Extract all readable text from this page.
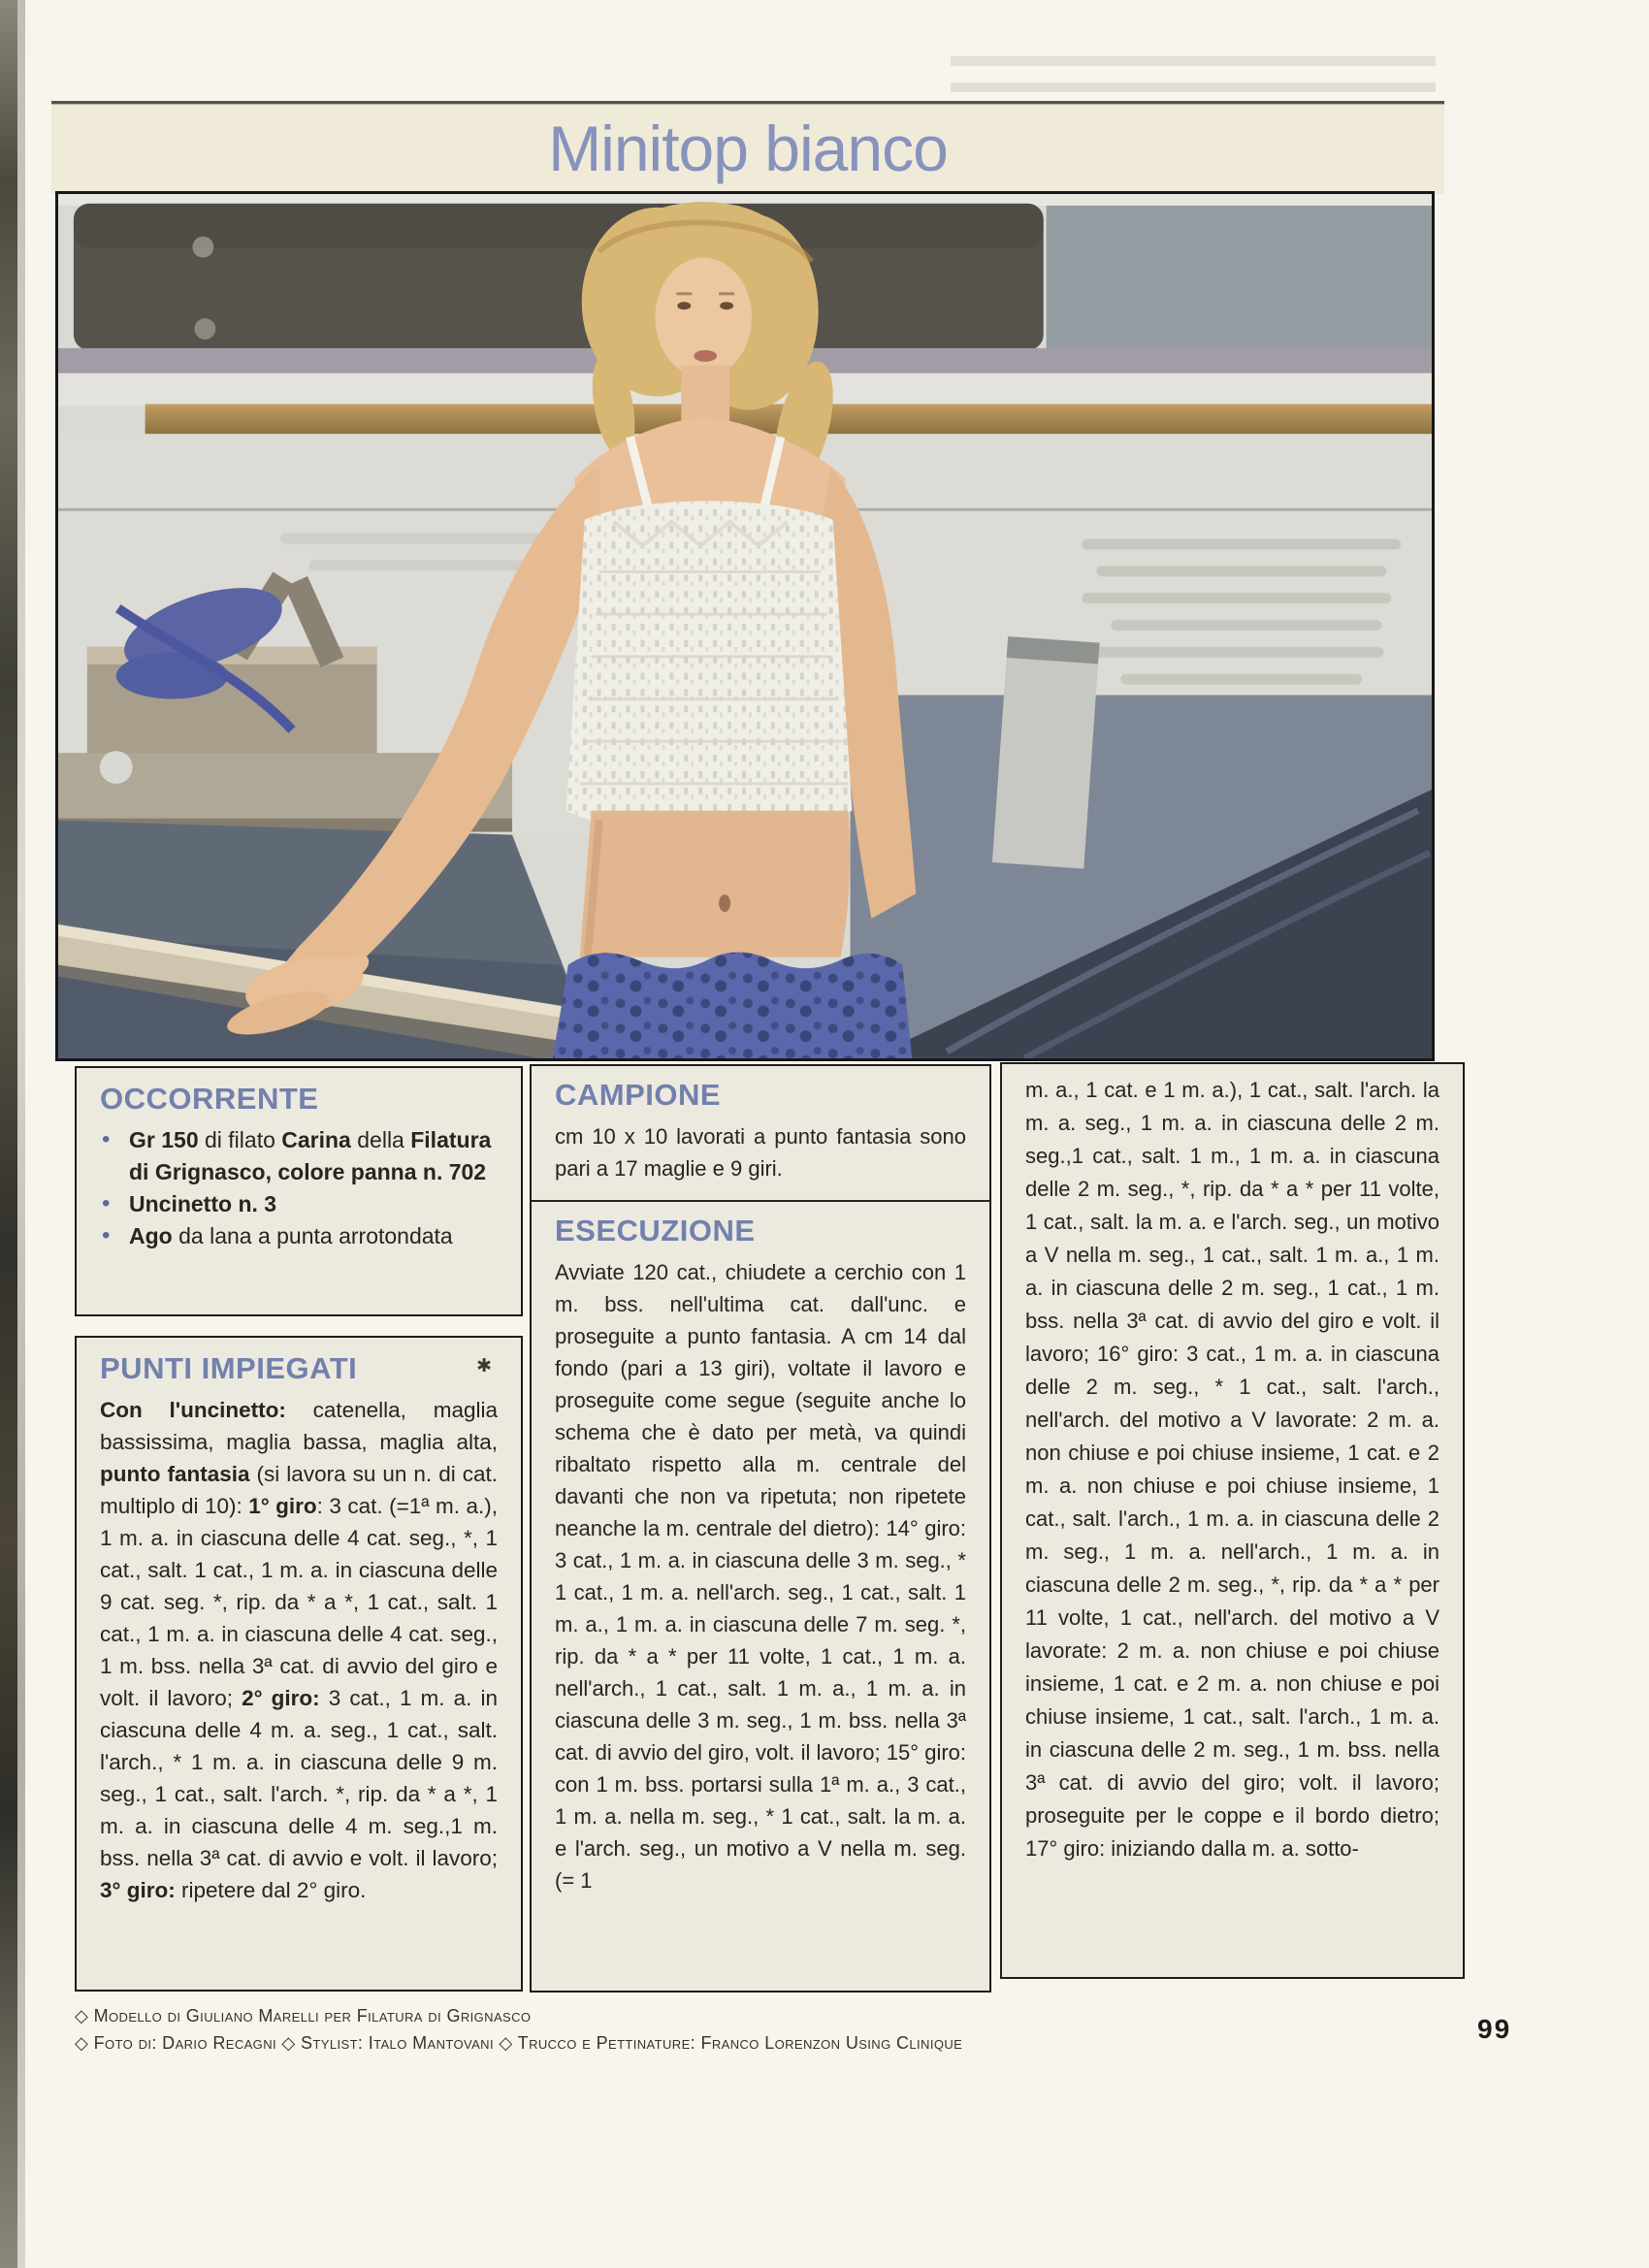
Minitop bianco
OCCORRENTE
• Gr 150 di filato Carina della Filatura di Grignasco, colore panna n. 702
• Uncinetto n. 3
• Ago da lana a punta arrotondata
PUNTI IMPIEGATI	✱

Con l'uncinetto: catenella, maglia bassissima, maglia bassa, maglia alta, punto fantasia (si lavora su un n. di cat. multiplo di 10): 1° giro: 3 cat. (=1ª m. a.), 1 m. a. in ciascuna delle 4 cat. seg., *, 1 cat., salt. 1 cat., 1 m. a. in ciascuna delle 9 cat. seg. *, rip. da * a *, 1 cat., salt. 1 cat., 1 m. a. in ciascuna delle 4 cat. seg., 1 m. bss. nella 3ª cat. di avvio del giro e volt. il lavoro; 2° giro: 3 cat., 1 m. a. in ciascuna delle 4 m. a. seg., 1 cat., salt. l'arch., * 1 m. a. in ciascuna delle 9 m. seg., 1 cat., salt. l'arch. *, rip. da * a *, 1 m. a. in ciascuna delle 4 m. seg.,1 m. bss. nella 3ª cat. di avvio e volt. il lavoro; 3° giro: ripetere dal 2° giro.

CAMPIONE

cm 10 x 10 lavorati a punto fantasia sono pari a 17 maglie e 9 giri.

ESECUZIONE

Avviate 120 cat., chiudete a cerchio con 1 m. bss. nell'ultima cat. dall'unc. e proseguite a punto fantasia. A cm 14 dal fondo (pari a 13 giri), voltate il lavoro e proseguite come segue (seguite anche lo schema che è dato per metà, va quindi ribaltato rispetto alla m. centrale del davanti che non va ripetuta; non ripetete neanche la m. centrale del dietro): 14° giro: 3 cat., 1 m. a. in ciascuna delle 3 m. seg., * 1 cat., 1 m. a. nell'arch. seg., 1 cat., salt. 1 m. a., 1 m. a. in ciascuna delle 7 m. seg. *, rip. da * a * per 11 volte, 1 cat., 1 m. a. nell'arch., 1 cat., salt. 1 m. a., 1 m. a. in ciascuna delle 3 m. seg., 1 m. bss. nella 3ª cat. di avvio del giro, volt. il lavoro; 15° giro: con 1 m. bss. portarsi sulla 1ª m. a., 3 cat., 1 m. a. nella m. seg., * 1 cat., salt. la m. a. e l'arch. seg., un motivo a V nella m. seg. (= 1

m. a., 1 cat. e 1 m. a.), 1 cat., salt. l'arch. la m. a. seg., 1 m. a. in ciascuna delle 2 m. seg.,1 cat., salt. 1 m., 1 m. a. in ciascuna delle 2 m. seg., *, rip. da * a * per 11 volte, 1 cat., salt. la m. a. e l'arch. seg., un motivo a V nella m. seg., 1 cat., salt. 1 m. a., 1 m. a. in ciascuna delle 2 m. seg., 1 cat., 1 m. bss. nella 3ª cat. di avvio del giro e volt. il lavoro; 16° giro: 3 cat., 1 m. a. in ciascuna delle 2 m. seg., * 1 cat., salt. l'arch., nell'arch. del motivo a V lavorate: 2 m. a. non chiuse e poi chiuse insieme, 1 cat. e 2 m. a. non chiuse e poi chiuse insieme, 1 cat., salt. l'arch., 1 m. a. in ciascuna delle 2 m. seg., 1 m. a. nell'arch., 1 m. a. in ciascuna delle 2 m. seg., *, rip. da * a * per 11 volte, 1 cat., nell'arch. del motivo a V lavorate: 2 m. a. non chiuse e poi chiuse insieme, 1 cat. e 2 m. a. non chiuse e poi chiuse insieme, 1 cat., salt. l'arch., 1 m. a. in ciascuna delle 2 m. seg., 1 m. bss. nella 3ª cat. di avvio del giro; volt. il lavoro; proseguite per le coppe e il bordo dietro; 17° giro: iniziando dalla m. a. sotto-

◇ Modello di Giuliano Marelli per Filatura di Grignasco
◇ Foto di: Dario Recagni ◇ Stylist: Italo Mantovani ◇ Trucco e Pettinature: Franco Lorenzon Using Clinique	99
